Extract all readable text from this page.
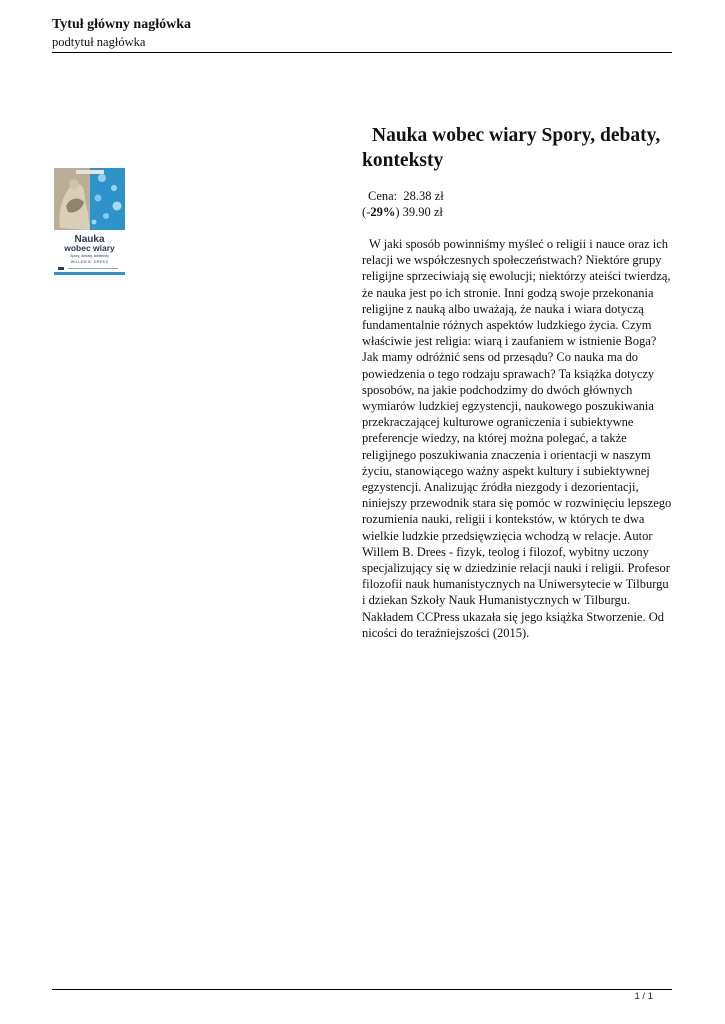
Tytuł główny nagłówka
podtytuł nagłówka
Nauka
wobec wiary
Spory, debaty, konteksty
WILLEM B. DREES
Nauka wobec wiary Spory, debaty, konteksty
Cena: 28.38 zł
(-29%) 39.90 zł
W jaki sposób powinniśmy myśleć o religii i nauce oraz ich relacji we współczesnych społeczeństwach? Niektóre grupy religijne sprzeciwiają się ewolucji; niektórzy ateiści twierdzą, że nauka jest po ich stronie. Inni godzą swoje przekonania religijne z nauką albo uważają, że nauka i wiara dotyczą fundamentalnie różnych aspektów ludzkiego życia. Czym właściwie jest religia: wiarą i zaufaniem w istnienie Boga? Jak mamy odróżnić sens od przesądu? Co nauka ma do powiedzenia o tego rodzaju sprawach? Ta książka dotyczy sposobów, na jakie podchodzimy do dwóch głównych wymiarów ludzkiej egzystencji, naukowego poszukiwania przekraczającej kulturowe ograniczenia i subiektywne preferencje wiedzy, na której można polegać, a także religijnego poszukiwania znaczenia i orientacji w naszym życiu, stanowiącego ważny aspekt kultury i subiektywnej egzystencji. Analizując źródła niezgody i dezorientacji, niniejszy przewodnik stara się pomóc w rozwinięciu lepszego rozumienia nauki, religii i kontekstów, w których te dwa wielkie ludzkie przedsięwzięcia wchodzą w relacje. Autor Willem B. Drees - fizyk, teolog i filozof, wybitny uczony specjalizujący się w dziedzinie relacji nauki i religii. Profesor filozofii nauk humanistycznych na Uniwersytecie w Tilburgu i dziekan Szkoły Nauk Humanistycznych w Tilburgu. Nakładem CCPress ukazała się jego książka Stworzenie. Od nicości do teraźniejszości (2015).
1 / 1
